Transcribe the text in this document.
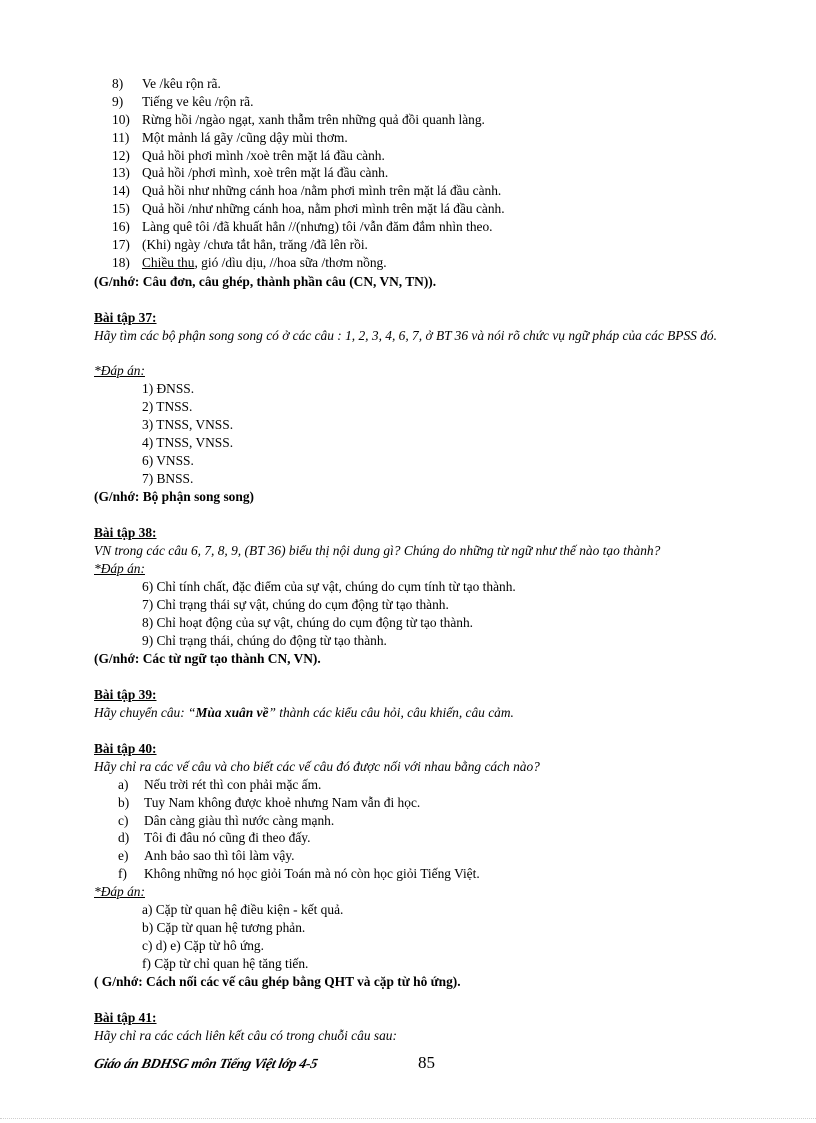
8) Ve /kêu rộn rã.
9) Tiếng ve kêu /rộn rã.
10) Rừng hồi /ngào ngạt, xanh thẫm trên những quả đồi quanh làng.
11) Một mảnh lá gãy /cũng dậy mùi thơm.
12) Quả hồi phơi mình /xoè trên mặt lá đầu cành.
13) Quả hồi /phơi mình, xoè trên mặt lá đầu cành.
14) Quả hồi như những cánh hoa /nằm phơi mình trên mặt lá đầu cành.
15) Quả hồi /như những cánh hoa, nằm phơi mình trên mặt lá đầu cành.
16) Làng quê tôi /đã khuất hẳn //(nhưng) tôi /vẫn đăm đắm nhìn theo.
17) (Khi) ngày /chưa tắt hẳn, trăng /đã lên rồi.
18) Chiều thu, gió /dìu dịu, //hoa sữa /thơm nồng.
(G/nhớ: Câu đơn, câu ghép, thành phần câu (CN, VN, TN)).
Bài tập 37:
Hãy tìm các bộ phận song song có ở các câu : 1, 2, 3, 4, 6, 7, ở BT 36 và nói rõ chức vụ ngữ pháp của các BPSS đó.
*Đáp án:
1) ĐNSS.
2) TNSS.
3) TNSS, VNSS.
4) TNSS, VNSS.
6) VNSS.
7) BNSS.
(G/nhớ: Bộ phận song song)
Bài tập 38:
VN trong các câu 6, 7, 8, 9, (BT 36) biểu thị nội dung gì? Chúng do những từ ngữ như thế nào tạo thành?
*Đáp án:
6) Chỉ tính chất, đặc điểm của sự vật, chúng do cụm tính từ tạo thành.
7) Chỉ trạng thái sự vật, chúng do cụm động từ tạo thành.
8) Chỉ hoạt động của sự vật, chúng do cụm động từ tạo thành.
9) Chỉ trạng thái, chúng do động từ tạo thành.
(G/nhớ: Các từ ngữ tạo thành CN, VN).
Bài tập 39:
Hãy chuyển câu: “Mùa xuân về” thành các kiểu câu hỏi, câu khiến, câu cảm.
Bài tập 40:
Hãy chỉ ra các vế câu và cho biết các vế câu đó được nối với nhau bằng cách nào?
a) Nếu trời rét thì con phải mặc ấm.
b) Tuy Nam không được khoẻ nhưng Nam vẫn đi học.
c) Dân càng giàu thì nước càng mạnh.
d) Tôi đi đâu nó cũng đi theo đấy.
e) Anh bảo sao thì tôi làm vậy.
f) Không những nó học giỏi Toán mà nó còn học giỏi Tiếng Việt.
*Đáp án:
a) Cặp từ quan hệ điều kiện - kết quả.
b) Cặp từ quan hệ tương phản.
c) d) e) Cặp từ hô ứng.
f) Cặp từ chỉ quan hệ tăng tiến.
( G/nhớ: Cách nối các vế câu ghép bằng QHT và cặp từ hô ứng).
Bài tập 41:
Hãy chỉ ra các cách liên kết câu có trong chuỗi câu sau:
Giáo án BDHSG môn Tiếng Việt lớp 4-5	85
